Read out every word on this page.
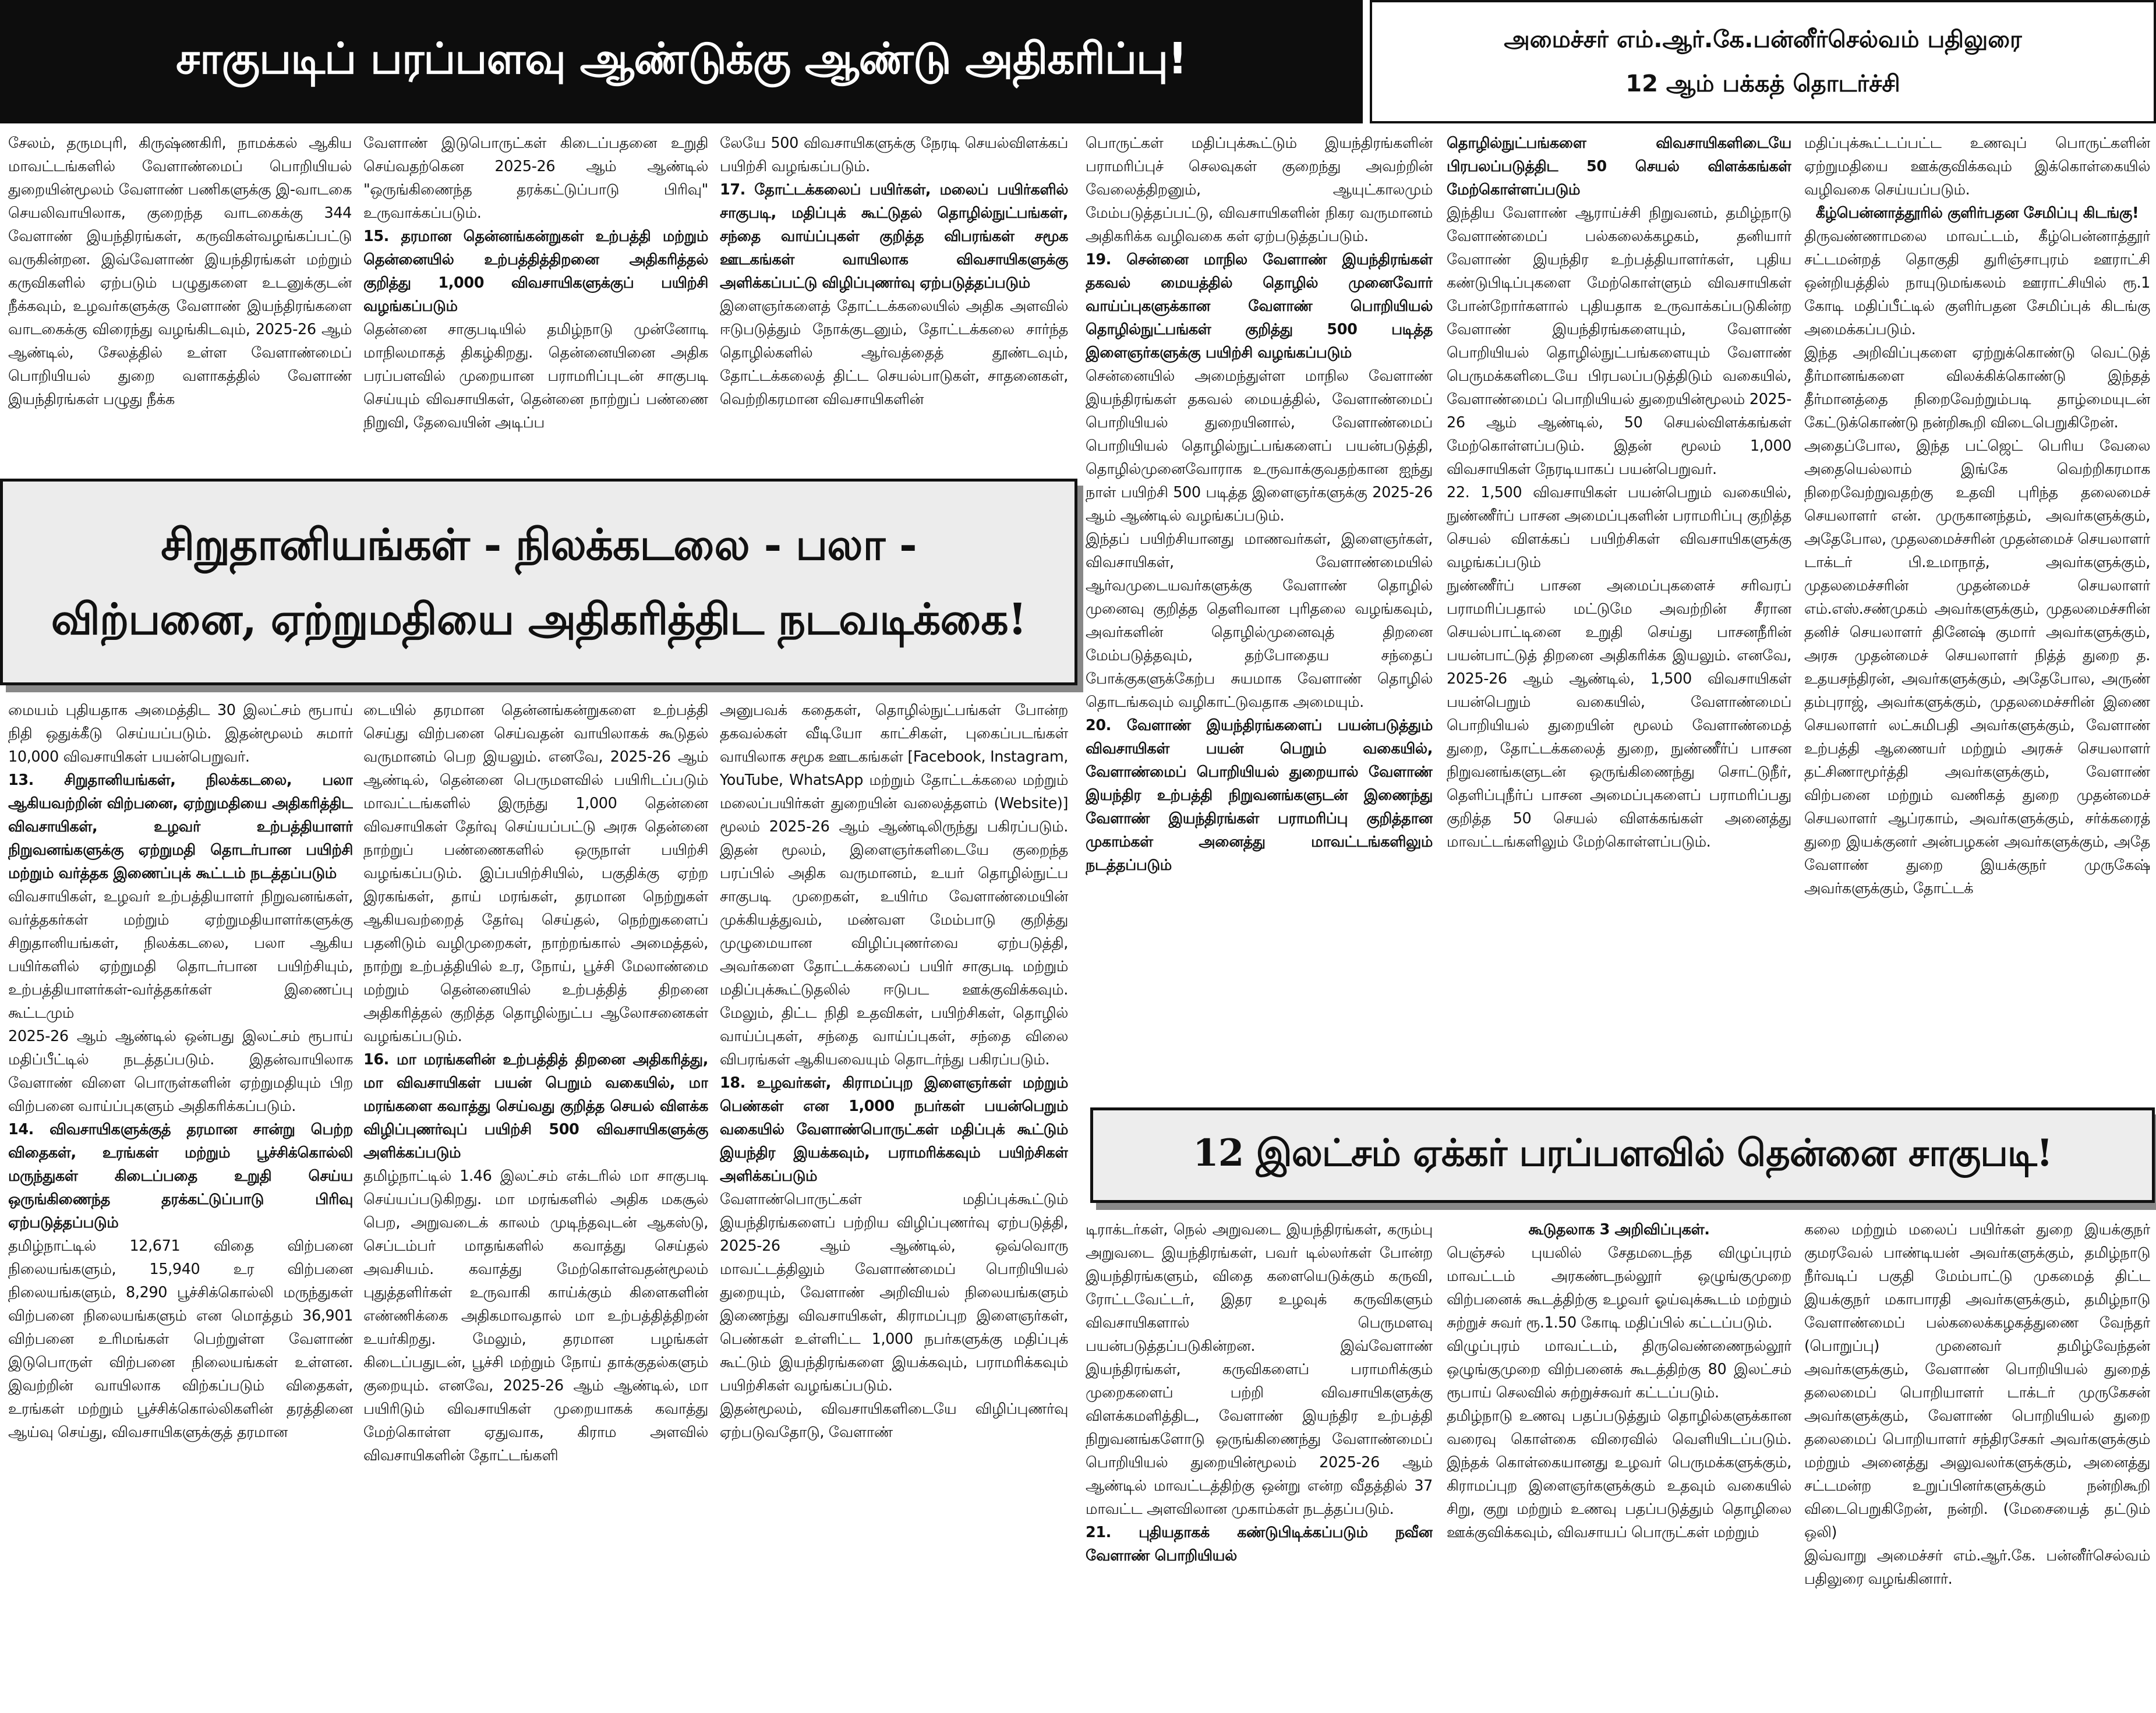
சாகுபடிப் பரப்பளவு ஆண்டுக்கு ஆண்டு அதிகரிப்பு!	அமைச்சர் எம்.ஆர்.கே.பன்னீர்செல்வம் பதிலுரை
12 ஆம் பக்கத் தொடர்ச்சி

சேலம், தருமபுரி, கிருஷ்ணகிரி, நாமக்கல் ஆகிய மாவட்டங்களில் வேளாண்மைப் பொறியியல் துறையின்மூலம் வேளாண் பணிகளுக்கு இ-வாடகை செயலிவாயிலாக, குறைந்த வாடகைக்கு 344 வேளாண் இயந்திரங்கள், கருவிகள்வழங்கப்பட்டு வருகின்றன. இவ்வேளாண் இயந்திரங்கள் மற்றும் கருவிகளில் ஏற்படும் பழுதுகளை உடனுக்குடன் நீக்கவும், உழவர்களுக்கு வேளாண் இயந்திரங்களை வாடகைக்கு விரைந்து வழங்கிடவும், 2025-26 ஆம் ஆண்டில், சேலத்தில் உள்ள வேளாண்மைப் பொறியியல் துறை வளாகத்தில் வேளாண் இயந்திரங்கள் பழுது நீக்க

வேளாண் இடுபொருட்கள் கிடைப்பதனை உறுதி செய்வதற்கென 2025-26 ஆம் ஆண்டில் "ஒருங்கிணைந்த தரக்கட்டுப்பாடு பிரிவு" உருவாக்கப்படும்.

15. தரமான தென்னங்கன்றுகள் உற்பத்தி மற்றும் தென்னையில் உற்பத்தித்திறனை அதிகரித்தல் குறித்து 1,000 விவசாயிகளுக்குப் பயிற்சி வழங்கப்படும்

தென்னை சாகுபடியில் தமிழ்நாடு முன்னோடி மாநிலமாகத் திகழ்கிறது. தென்னையினை அதிக பரப்பளவில் முறையான பராமரிப்புடன் சாகுபடி செய்யும் விவசாயிகள், தென்னை நாற்றுப் பண்ணை நிறுவி, தேவையின் அடிப்ப

லேயே 500 விவசாயிகளுக்கு நேரடி செயல்விளக்கப் பயிற்சி வழங்கப்படும்.

17. தோட்டக்கலைப் பயிர்கள், மலைப் பயிர்களில் சாகுபடி, மதிப்புக் கூட்டுதல் தொழில்நுட்பங்கள், சந்தை வாய்ப்புகள் குறித்த விபரங்கள் சமூக ஊடகங்கள் வாயிலாக விவசாயிகளுக்கு அளிக்கப்பட்டு விழிப்புணர்வு ஏற்படுத்தப்படும்

இளைஞர்களைத் தோட்டக்கலையில் அதிக அளவில் ஈடுபடுத்தும் நோக்குடனும், தோட்டக்கலை சார்ந்த தொழில்களில் ஆர்வத்தைத் தூண்டவும், தோட்டக்கலைத் திட்ட செயல்பாடுகள், சாதனைகள், வெற்றிகரமான விவசாயிகளின்

பொருட்கள் மதிப்புக்கூட்டும் இயந்திரங்களின் பராமரிப்புச் செலவுகள் குறைந்து அவற்றின் வேலைத்திறனும், ஆயுட்காலமும் மேம்படுத்தப்பட்டு, விவசாயிகளின் நிகர வருமானம் அதிகரிக்க வழிவகை கள் ஏற்படுத்தப்படும்.

19. சென்னை மாநில வேளாண் இயந்திரங்கள் தகவல் மையத்தில் தொழில் முனைவோர் வாய்ப்புகளுக்கான வேளாண் பொறியியல் தொழில்நுட்பங்கள் குறித்து 500 படித்த இளைஞர்களுக்கு பயிற்சி வழங்கப்படும்

சென்னையில் அமைந்துள்ள மாநில வேளாண் இயந்திரங்கள் தகவல் மையத்தில், வேளாண்மைப் பொறியியல் துறையினால், வேளாண்மைப் பொறியியல் தொழில்நுட்பங்களைப் பயன்படுத்தி, தொழில்முனைவோராக உருவாக்குவதற்கான ஐந்து நாள் பயிற்சி 500 படித்த இளைஞர்களுக்கு 2025-26 ஆம் ஆண்டில் வழங்கப்படும்.

இந்தப் பயிற்சியானது மாணவர்கள், இளைஞர்கள், விவசாயிகள், வேளாண்மையில் ஆர்வமுடையவர்களுக்கு வேளாண் தொழில் முனைவு குறித்த தெளிவான புரிதலை வழங்கவும், அவர்களின் தொழில்முனைவுத் திறனை மேம்படுத்தவும், தற்போதைய சந்தைப் போக்குகளுக்கேற்ப சுயமாக வேளாண் தொழில் தொடங்கவும் வழிகாட்டுவதாக அமையும்.

20. வேளாண் இயந்திரங்களைப் பயன்படுத்தும் விவசாயிகள் பயன் பெறும் வகையில், வேளாண்மைப் பொறியியல் துறையால் வேளாண் இயந்திர உற்பத்தி நிறுவனங்களுடன் இணைந்து வேளாண் இயந்திரங்கள் பராமரிப்பு குறித்தான முகாம்கள் அனைத்து மாவட்டங்களிலும் நடத்தப்படும்

தொழில்நுட்பங்களை விவசாயிகளிடையே பிரபலப்படுத்திட 50 செயல் விளக்கங்கள் மேற்கொள்ளப்படும்

இந்திய வேளாண் ஆராய்ச்சி நிறுவனம், தமிழ்நாடு வேளாண்மைப் பல்கலைக்கழகம், தனியார் வேளாண் இயந்திர உற்பத்தியாளர்கள், புதிய கண்டுபிடிப்புகளை மேற்கொள்ளும் விவசாயிகள் போன்றோர்களால் புதியதாக உருவாக்கப்படுகின்ற வேளாண் இயந்திரங்களையும், வேளாண் பொறியியல் தொழில்நுட்பங்களையும் வேளாண் பெருமக்களிடையே பிரபலப்படுத்திடும் வகையில், வேளாண்மைப் பொறியியல் துறையின்மூலம் 2025-26 ஆம் ஆண்டில், 50 செயல்விளக்கங்கள் மேற்கொள்ளப்படும். இதன் மூலம் 1,000 விவசாயிகள் நேரடியாகப் பயன்பெறுவர்.

22. 1,500 விவசாயிகள் பயன்பெறும் வகையில், நுண்ணீர்ப் பாசன அமைப்புகளின் பராமரிப்பு குறித்த செயல் விளக்கப் பயிற்சிகள் விவசாயிகளுக்கு வழங்கப்படும்

நுண்ணீர்ப் பாசன அமைப்புகளைச் சரிவரப் பராமரிப்பதால் மட்டுமே அவற்றின் சீரான செயல்பாட்டினை உறுதி செய்து பாசனநீரின் பயன்பாட்டுத் திறனை அதிகரிக்க இயலும். எனவே, 2025-26 ஆம் ஆண்டில், 1,500 விவசாயிகள் பயன்பெறும் வகையில், வேளாண்மைப் பொறியியல் துறையின் மூலம் வேளாண்மைத் துறை, தோட்டக்கலைத் துறை, நுண்ணீர்ப் பாசன நிறுவனங்களுடன் ஒருங்கிணைந்து சொட்டுநீர், தெளிப்புநீர்ப் பாசன அமைப்புகளைப் பராமரிப்பது குறித்த 50 செயல் விளக்கங்கள் அனைத்து மாவட்டங்களிலும் மேற்கொள்ளப்படும்.

மதிப்புக்கூட்டப்பட்ட உணவுப் பொருட்களின் ஏற்றுமதியை ஊக்குவிக்கவும் இக்கொள்கையில் வழிவகை செய்யப்படும்.

கீழ்பென்னாத்தூரில் குளிர்பதன சேமிப்பு கிடங்கு!

திருவண்ணாமலை மாவட்டம், கீழ்பென்னாத்தூர் சட்டமன்றத் தொகுதி துரிஞ்சாபுரம் ஊராட்சி ஒன்றியத்தில் நாயுடுமங்கலம் ஊராட்சியில் ரூ.1 கோடி மதிப்பீட்டில் குளிர்பதன சேமிப்புக் கிடங்கு அமைக்கப்படும்.

இந்த அறிவிப்புகளை ஏற்றுக்கொண்டு வெட்டுத் தீர்மானங்களை விலக்கிக்கொண்டு இந்தத் தீர்மானத்தை நிறைவேற்றும்படி தாழ்மையுடன் கேட்டுக்கொண்டு நன்றிகூறி விடைபெறுகிறேன்.

அதைப்போல, இந்த பட்ஜெட் பெரிய வேலை அதையெல்லாம் இங்கே வெற்றிகரமாக நிறைவேற்றுவதற்கு உதவி புரிந்த தலைமைச் செயலாளர் என். முருகானந்தம், அவர்களுக்கும், அதேபோல, முதலமைச்சரின் முதன்மைச் செயலாளர் டாக்டர் பி.உமாநாத், அவர்களுக்கும், முதலமைச்சரின் முதன்மைச் செயலாளர் எம்.எஸ்.சண்முகம் அவர்களுக்கும், முதலமைச்சரின் தனிச் செயலாளர் தினேஷ் குமார் அவர்களுக்கும், அரசு முதன்மைச் செயலாளர் நித்த் துறை த. உதயசந்திரன், அவர்களுக்கும், அதேபோல, அருண் தம்புராஜ், அவர்களுக்கும், முதலமைச்சரின் இணை செயலாளர் லட்சுமிபதி அவர்களுக்கும், வேளாண் உற்பத்தி ஆணையர் மற்றும் அரசுச் செயலாளர் தட்சிணாமூர்த்தி அவர்களுக்கும், வேளாண் விற்பனை மற்றும் வணிகத் துறை முதன்மைச் செயலாளர் ஆப்ரகாம், அவர்களுக்கும், சர்க்கரைத் துறை இயக்குனர் அன்பழகன் அவர்களுக்கும், அதே வேளாண் துறை இயக்குநர் முருகேஷ் அவர்களுக்கும், தோட்டக்

சிறுதானியங்கள் - நிலக்கடலை - பலா -
விற்பனை, ஏற்றுமதியை அதிகரித்திட நடவடிக்கை!

மையம் புதியதாக அமைத்திட 30 இலட்சம் ரூபாய் நிதி ஒதுக்கீடு செய்யப்படும். இதன்மூலம் சுமார் 10,000 விவசாயிகள் பயன்பெறுவர்.

13. சிறுதானியங்கள், நிலக்கடலை, பலா ஆகியவற்றின் விற்பனை, ஏற்றுமதியை அதிகரித்திட விவசாயிகள், உழவர் உற்பத்தியாளர் நிறுவனங்களுக்கு ஏற்றுமதி தொடர்பான பயிற்சி மற்றும் வர்த்தக இணைப்புக் கூட்டம் நடத்தப்படும்

விவசாயிகள், உழவர் உற்பத்தியாளர் நிறுவனங்கள், வர்த்தகர்கள் மற்றும் ஏற்றுமதியாளர்களுக்கு சிறுதானியங்கள், நிலக்கடலை, பலா ஆகிய பயிர்களில் ஏற்றுமதி தொடர்பான பயிற்சியும், உற்பத்தியாளர்கள்-வர்த்தகர்கள் இணைப்பு கூட்டமும்

2025-26 ஆம் ஆண்டில் ஒன்பது இலட்சம் ரூபாய் மதிப்பீட்டில் நடத்தப்படும். இதன்வாயிலாக வேளாண் விளை பொருள்களின் ஏற்றுமதியும் பிற விற்பனை வாய்ப்புகளும் அதிகரிக்கப்படும்.

14. விவசாயிகளுக்குத் தரமான சான்று பெற்ற விதைகள், உரங்கள் மற்றும் பூச்சிக்கொல்லி மருந்துகள் கிடைப்பதை உறுதி செய்ய ஒருங்கிணைந்த தரக்கட்டுப்பாடு பிரிவு ஏற்படுத்தப்படும்

தமிழ்நாட்டில் 12,671 விதை விற்பனை நிலையங்களும், 15,940 உர விற்பனை நிலையங்களும், 8,290 பூச்சிக்கொல்லி மருந்துகள் விற்பனை நிலையங்களும் என மொத்தம் 36,901 விற்பனை உரிமங்கள் பெற்றுள்ள வேளாண் இடுபொருள் விற்பனை நிலையங்கள் உள்ளன. இவற்றின் வாயிலாக விற்கப்படும் விதைகள், உரங்கள் மற்றும் பூச்சிக்கொல்லிகளின் தரத்தினை ஆய்வு செய்து, விவசாயிகளுக்குத் தரமான

டையில் தரமான தென்னங்கன்றுகளை உற்பத்தி செய்து விற்பனை செய்வதன் வாயிலாகக் கூடுதல் வருமானம் பெற இயலும். எனவே, 2025-26 ஆம் ஆண்டில், தென்னை பெருமளவில் பயிரிடப்படும் மாவட்டங்களில் இருந்து 1,000 தென்னை விவசாயிகள் தேர்வு செய்யப்பட்டு அரசு தென்னை நாற்றுப் பண்ணைகளில் ஒருநாள் பயிற்சி வழங்கப்படும். இப்பயிற்சியில், பகுதிக்கு ஏற்ற இரகங்கள், தாய் மரங்கள், தரமான நெற்றுகள் ஆகியவற்றைத் தேர்வு செய்தல், நெற்றுகளைப் பதனிடும் வழிமுறைகள், நாற்றங்கால் அமைத்தல், நாற்று உற்பத்தியில் உர, நோய், பூச்சி மேலாண்மை மற்றும் தென்னையில் உற்பத்தித் திறனை அதிகரித்தல் குறித்த தொழில்நுட்ப ஆலோசனைகள் வழங்கப்படும்.

16. மா மரங்களின் உற்பத்தித் திறனை அதிகரித்து, மா விவசாயிகள் பயன் பெறும் வகையில், மா மரங்களை கவாத்து செய்வது குறித்த செயல் விளக்க விழிப்புணர்வுப் பயிற்சி 500 விவசாயிகளுக்கு அளிக்கப்படும்

தமிழ்நாட்டில் 1.46 இலட்சம் எக்டரில் மா சாகுபடி செய்யப்படுகிறது. மா மரங்களில் அதிக மகசூல் பெற, அறுவடைக் காலம் முடிந்தவுடன் ஆகஸ்டு, செப்டம்பர் மாதங்களில் கவாத்து செய்தல் அவசியம். கவாத்து மேற்கொள்வதன்மூலம் புதுத்தளிர்கள் உருவாகி காய்க்கும் கிளைகளின் எண்ணிக்கை அதிகமாவதால் மா உற்பத்தித்திறன் உயர்கிறது. மேலும், தரமான பழங்கள் கிடைப்பதுடன், பூச்சி மற்றும் நோய் தாக்குதல்களும் குறையும். எனவே, 2025-26 ஆம் ஆண்டில், மா பயிரிடும் விவசாயிகள் முறையாகக் கவாத்து மேற்கொள்ள ஏதுவாக, கிராம அளவில் விவசாயிகளின் தோட்டங்களி

அனுபவக் கதைகள், தொழில்நுட்பங்கள் போன்ற தகவல்கள் வீடியோ காட்சிகள், புகைப்படங்கள் வாயிலாக சமூக ஊடகங்கள் [Facebook, Instagram, YouTube, WhatsApp மற்றும் தோட்டக்கலை மற்றும் மலைப்பயிர்கள் துறையின் வலைத்தளம் (Website)] மூலம் 2025-26 ஆம் ஆண்டிலிருந்து பகிரப்படும். இதன் மூலம், இளைஞர்களிடையே குறைந்த பரப்பில் அதிக வருமானம், உயர் தொழில்நுட்ப சாகுபடி முறைகள், உயிர்ம வேளாண்மையின் முக்கியத்துவம், மண்வள மேம்பாடு குறித்து முழுமையான விழிப்புணர்வை ஏற்படுத்தி, அவர்களை தோட்டக்கலைப் பயிர் சாகுபடி மற்றும் மதிப்புக்கூட்டுதலில் ஈடுபட ஊக்குவிக்கவும். மேலும், திட்ட நிதி உதவிகள், பயிற்சிகள், தொழில் வாய்ப்புகள், சந்தை வாய்ப்புகள், சந்தை விலை விபரங்கள் ஆகியவையும் தொடர்ந்து பகிரப்படும்.

18. உழவர்கள், கிராமப்புற இளைஞர்கள் மற்றும் பெண்கள் என 1,000 நபர்கள் பயன்பெறும் வகையில் வேளாண்பொருட்கள் மதிப்புக் கூட்டும் இயந்திர இயக்கவும், பராமரிக்கவும் பயிற்சிகள் அளிக்கப்படும்

வேளாண்பொருட்கள் மதிப்புக்கூட்டும் இயந்திரங்களைப் பற்றிய விழிப்புணர்வு ஏற்படுத்தி, 2025-26 ஆம் ஆண்டில், ஒவ்வொரு மாவட்டத்திலும் வேளாண்மைப் பொறியியல் துறையும், வேளாண் அறிவியல் நிலையங்களும் இணைந்து விவசாயிகள், கிராமப்புற இளைஞர்கள், பெண்கள் உள்ளிட்ட 1,000 நபர்களுக்கு மதிப்புக் கூட்டும் இயந்திரங்களை இயக்கவும், பராமரிக்கவும் பயிற்சிகள் வழங்கப்படும்.

இதன்மூலம், விவசாயிகளிடையே விழிப்புணர்வு ஏற்படுவதோடு, வேளாண்

12 இலட்சம் ஏக்கர் பரப்பளவில் தென்னை சாகுபடி!

டிராக்டர்கள், நெல் அறுவடை இயந்திரங்கள், கரும்பு அறுவடை இயந்திரங்கள், பவர் டில்லர்கள் போன்ற இயந்திரங்களும், விதை களையெடுக்கும் கருவி, ரோட்டவேட்டர், இதர உழவுக் கருவிகளும் விவசாயிகளால் பெருமளவு பயன்படுத்தப்படுகின்றன. இவ்வேளாண் இயந்திரங்கள், கருவிகளைப் பராமரிக்கும் முறைகளைப் பற்றி விவசாயிகளுக்கு விளக்கமளித்திட, வேளாண் இயந்திர உற்பத்தி நிறுவனங்களோடு ஒருங்கிணைந்து வேளாண்மைப் பொறியியல் துறையின்மூலம் 2025-26 ஆம் ஆண்டில் மாவட்டத்திற்கு ஒன்று என்ற வீதத்தில் 37 மாவட்ட அளவிலான முகாம்கள் நடத்தப்படும்.

21. புதியதாகக் கண்டுபிடிக்கப்படும் நவீன வேளாண் பொறியியல்

கூடுதலாக 3 அறிவிப்புகள்.

பெஞ்சல் புயலில் சேதமடைந்த விழுப்புரம் மாவட்டம் அரகண்டநல்லூர் ஒழுங்குமுறை விற்பனைக் கூடத்திற்கு உழவர் ஓய்வுக்கூடம் மற்றும் சுற்றுச் சுவர் ரூ.1.50 கோடி மதிப்பில் கட்டப்படும்.

விழுப்புரம் மாவட்டம், திருவெண்ணைநல்லூர் ஒழுங்குமுறை விற்பனைக் கூடத்திற்கு 80 இலட்சம் ரூபாய் செலவில் சுற்றுச்சுவர் கட்டப்படும்.

தமிழ்நாடு உணவு பதப்படுத்தும் தொழில்களுக்கான வரைவு கொள்கை விரைவில் வெளியிடப்படும். இந்தக் கொள்கையானது உழவர் பெருமக்களுக்கும், கிராமப்புற இளைஞர்களுக்கும் உதவும் வகையில் சிறு, குறு மற்றும் உணவு பதப்படுத்தும் தொழிலை ஊக்குவிக்கவும், விவசாயப் பொருட்கள் மற்றும்

கலை மற்றும் மலைப் பயிர்கள் துறை இயக்குநர் குமரவேல் பாண்டியன் அவர்களுக்கும், தமிழ்நாடு நீர்வடிப் பகுதி மேம்பாட்டு முகமைத் திட்ட இயக்குநர் மகாபாரதி அவர்களுக்கும், தமிழ்நாடு வேளாண்மைப் பல்கலைக்கழகத்துணை வேந்தர் (பொறுப்பு) முனைவர் தமிழ்வேந்தன் அவர்களுக்கும், வேளாண் பொறியியல் துறைத் தலைமைப் பொறியாளர் டாக்டர் முருகேசன் அவர்களுக்கும், வேளாண் பொறியியல் துறை தலைமைப் பொறியாளர் சந்திரசேகர் அவர்களுக்கும் மற்றும் அனைத்து அலுவலர்களுக்கும், அனைத்து சட்டமன்ற உறுப்பினர்களுக்கும் நன்றிகூறி விடைபெறுகிறேன், நன்றி. (மேசையைத் தட்டும் ஒலி)

இவ்வாறு அமைச்சர் எம்.ஆர்.கே. பன்னீர்செல்வம் பதிலுரை வழங்கினார்.
